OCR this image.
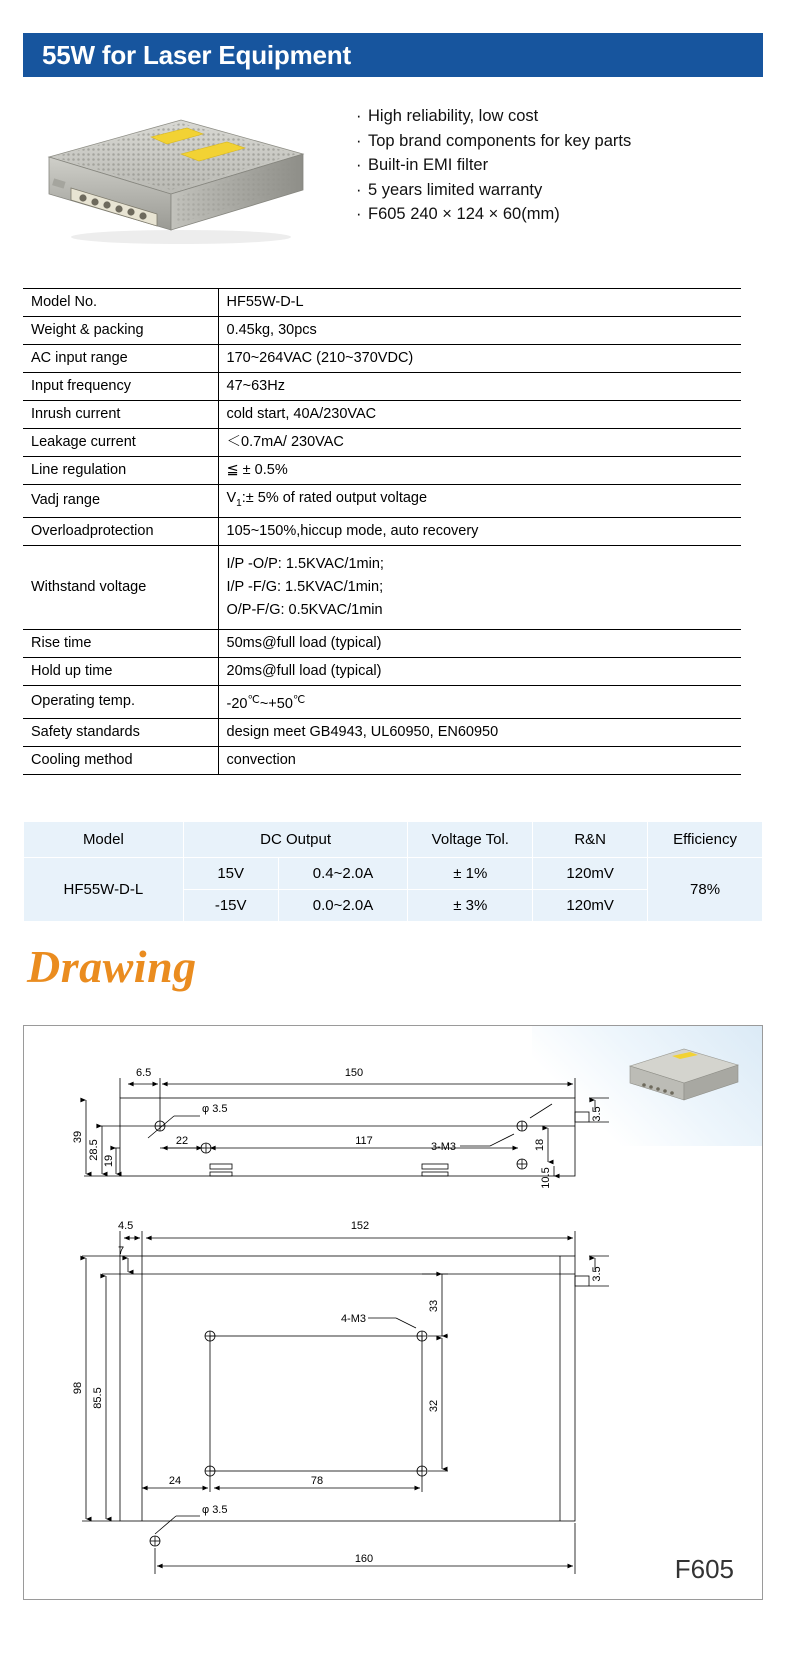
55W for Laser Equipment
· High reliability, low cost
· Top brand components for key parts
· Built-in EMI filter
· 5 years limited warranty
· F605 240 × 124 × 60(mm)
Model No.	HF55W-D-L
Weight & packing	0.45kg, 30pcs
AC input range	170~264VAC (210~370VDC)
Input frequency	47~63Hz
Inrush current	cold start, 40A/230VAC
Leakage current	＜0.7mA/ 230VAC
Line regulation	≦ ± 0.5%
Vadj range	$V_1:\pm 5\%$ of rated output voltage
Overloadprotection	105~150%,hiccup mode, auto recovery
Withstand voltage	I/P -O/P: 1.5KVAC/1min;
I/P -F/G: 1.5KVAC/1min;
O/P-F/G: 0.5KVAC/1min

Rise time	50ms@full load (typical)
Hold up time	20ms@full load (typical)
Operating temp.	-20℃~+50℃
Safety standards	design meet GB4943, UL60950, EN60950
Cooling method	convection
Model	DC Output		Voltage Tol.	R&N	Efficiency
HF55W-D-L	15V	0.4~2.0A	± 1%	120mV	78%
	-15V	0.0~2.0A	± 3%	120mV	
Drawing
6.5	150
3.5
φ 3.5
3-M3	18
39
28.5
19
22	117
10.5
4.5	152
3.5
7
33
4-M3
32
98 85.5
24	78
φ 3.5
160	F605
